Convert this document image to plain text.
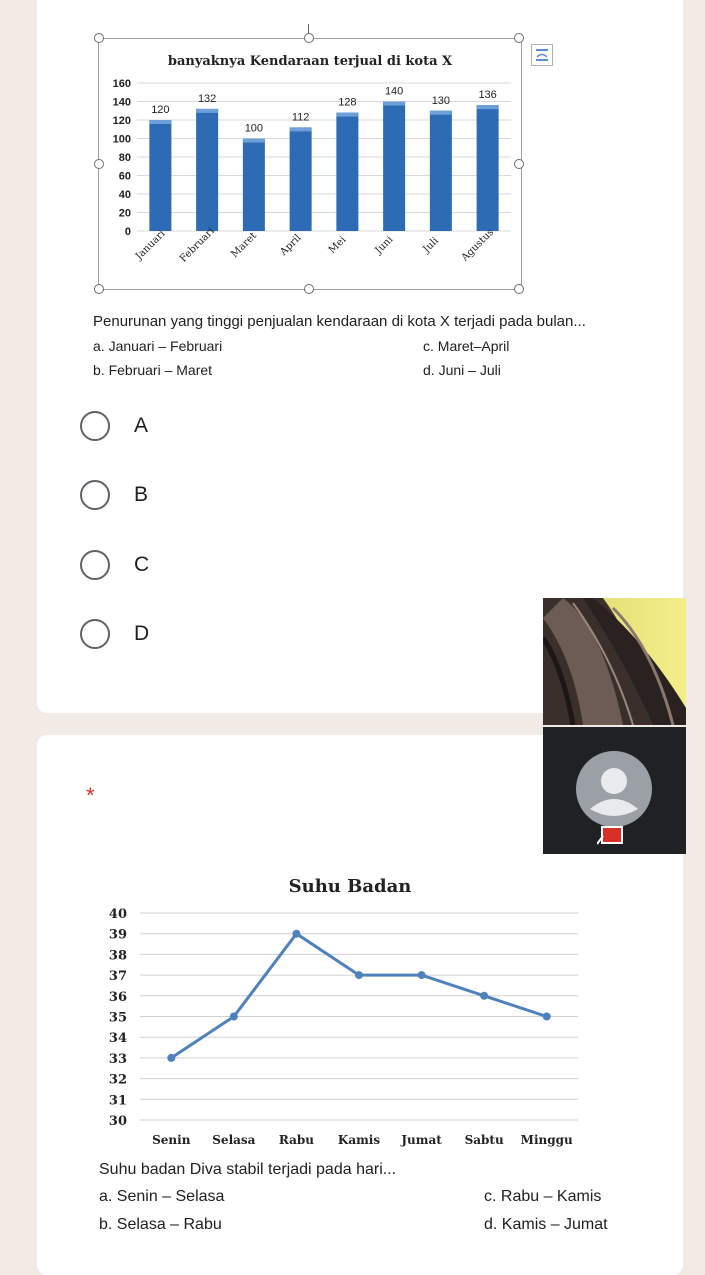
banyaknya Kendaraan terjual di kota X
160
140
120
100
80
60
40
20
0
120
Januari
132
Februari
100
Maret
112
April
128
Mei
140
Juni
130
Juli
136
Agustus
Penurunan yang tinggi penjualan kendaraan di kota X terjadi pada bulan...
a. Januari – Februari	c. Maret–April
b. Februari – Maret	d. Juni – Juli
A
B
C
D
*
Suhu Badan
40
39
38
37
36
35
34
33
32
31
30
Senin Selasa Rabu Kamis Jumat Sabtu Minggu
Suhu badan Diva stabil terjadi pada hari...
a. Senin – Selasa	c. Rabu – Kamis
b. Selasa – Rabu	d. Kamis – Jumat
